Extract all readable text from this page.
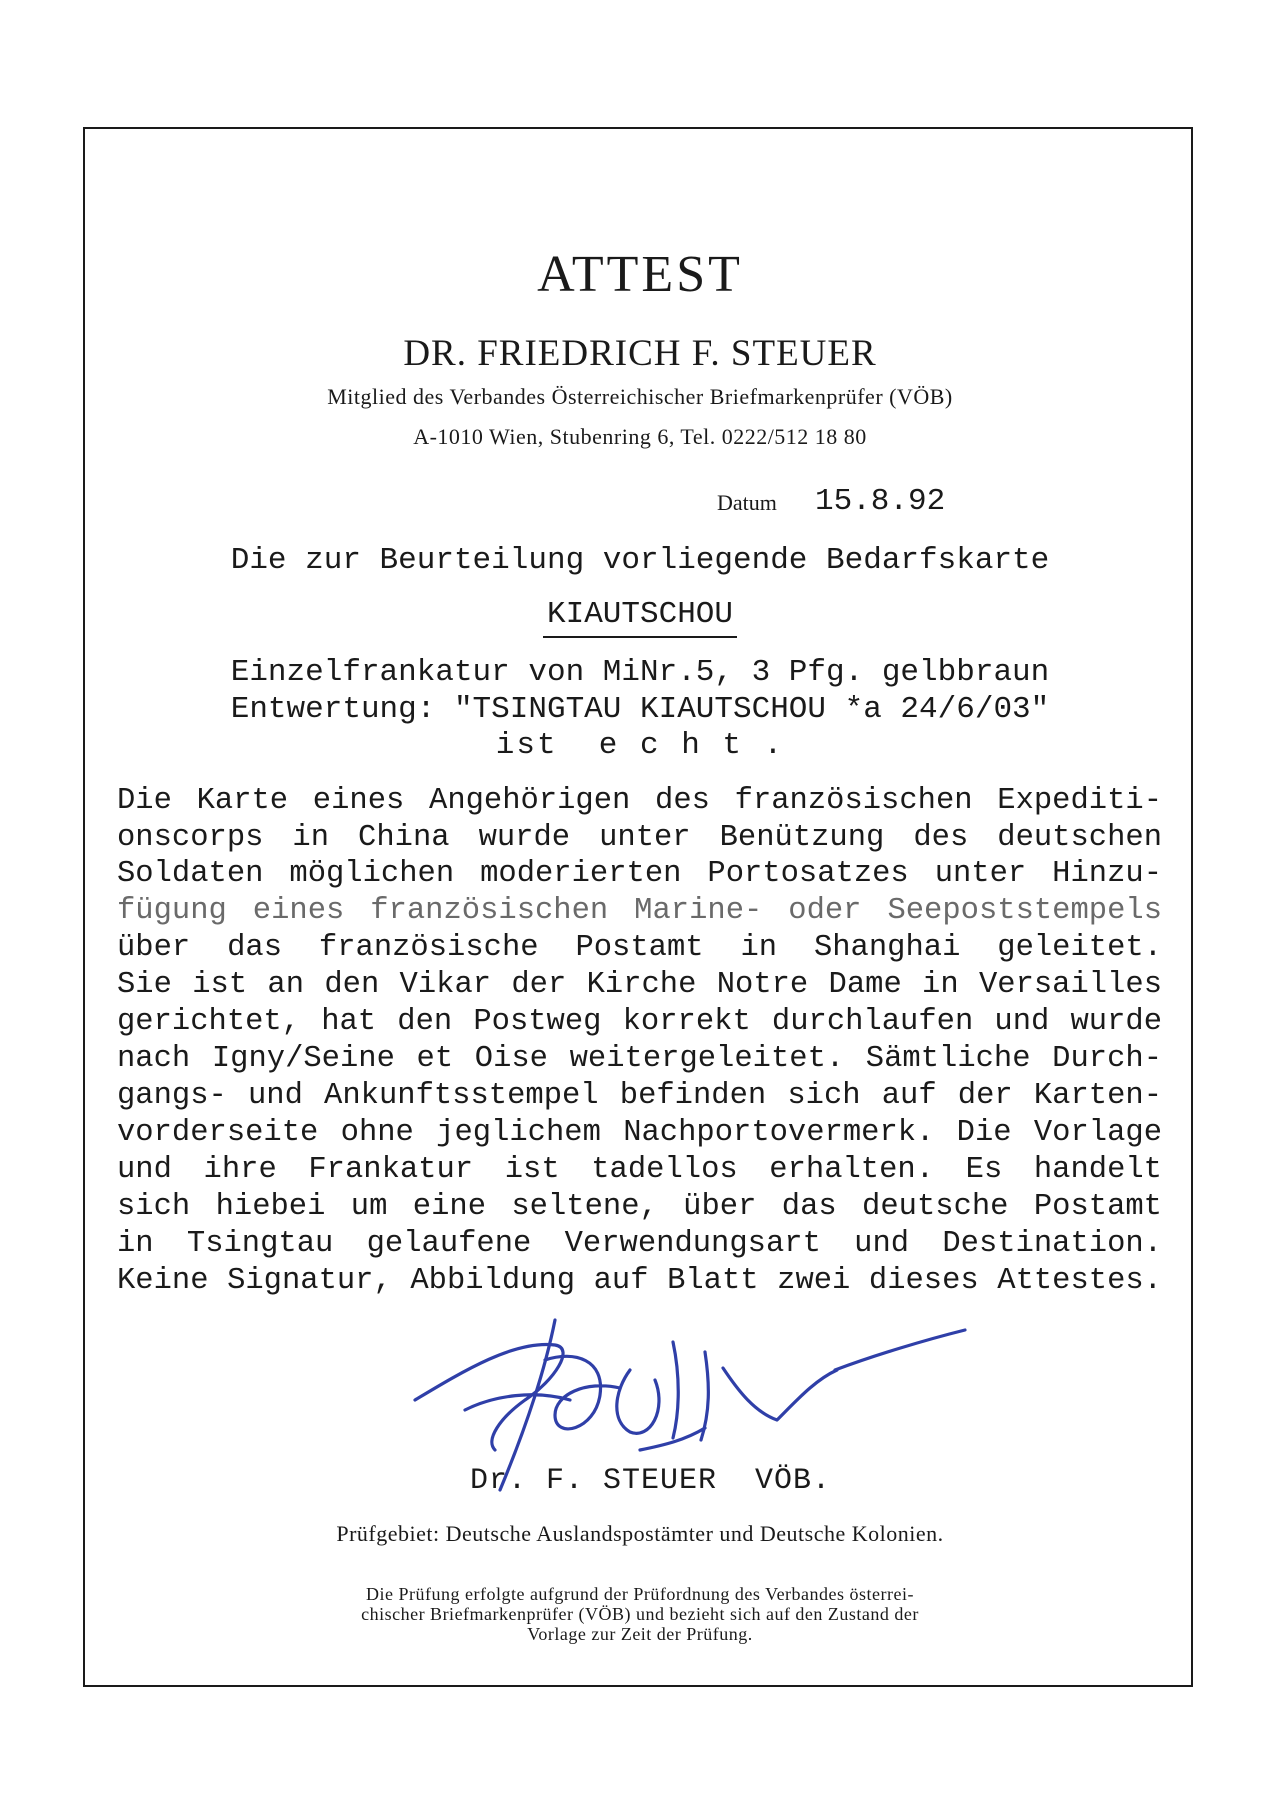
ATTEST
DR. FRIEDRICH F. STEUER
Mitglied des Verbandes Österreichischer Briefmarkenprüfer (VÖB)
A-1010 Wien, Stubenring 6, Tel. 0222/512 18 80
Datum 15.8.92
Die zur Beurteilung vorliegende Bedarfskarte
KIAUTSCHOU
Einzelfrankatur von MiNr.5, 3 Pfg. gelbbraun
Entwertung: "TSINGTAU KIAUTSCHOU *a 24/6/03"
ist  e c h t .
Die Karte eines Angehörigen des französischen Expediti-
onscorps in China wurde unter Benützung des deutschen
Soldaten möglichen moderierten Portosatzes unter Hinzu-
fügung eines französischen Marine- oder Seepoststempels
über das französische Postamt in Shanghai geleitet.
Sie ist an den Vikar der Kirche Notre Dame in Versailles
gerichtet, hat den Postweg korrekt durchlaufen und wurde
nach Igny/Seine et Oise weitergeleitet. Sämtliche Durch-
gangs- und Ankunftsstempel befinden sich auf der Karten-
vorderseite ohne jeglichem Nachportovermerk. Die Vorlage
und ihre Frankatur ist tadellos erhalten. Es handelt
sich hiebei um eine seltene, über das deutsche Postamt
in Tsingtau gelaufene Verwendungsart und Destination.
Keine Signatur, Abbildung auf Blatt zwei dieses Attestes.
Dr. F. STEUER  VÖB.
Prüfgebiet: Deutsche Auslandspostämter und Deutsche Kolonien.
Die Prüfung erfolgte aufgrund der Prüfordnung des Verbandes österrei-
chischer Briefmarkenprüfer (VÖB) und bezieht sich auf den Zustand der
Vorlage zur Zeit der Prüfung.
